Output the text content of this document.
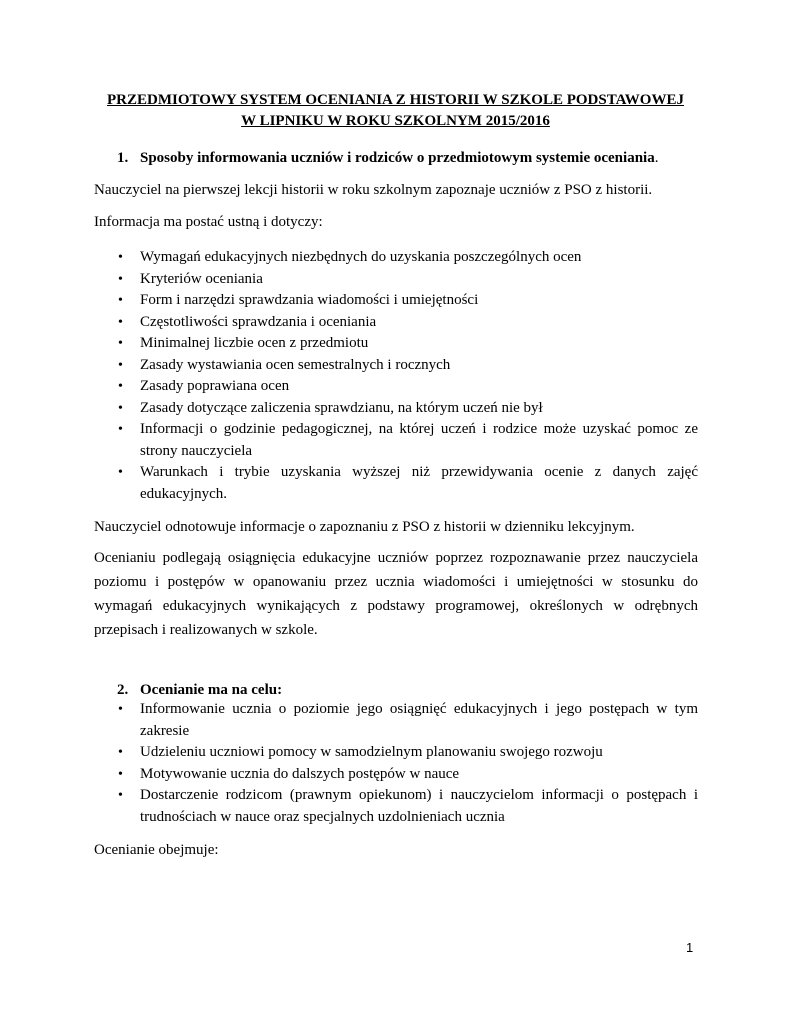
PRZEDMIOTOWY SYSTEM OCENIANIA Z HISTORII W SZKOLE PODSTAWOWEJ
W LIPNIKU W ROKU SZKOLNYM 2015/2016

1. Sposoby informowania uczniów i rodziców o przedmiotowym systemie oceniania.

Nauczyciel na pierwszej lekcji historii w roku szkolnym zapoznaje uczniów z PSO z historii.

Informacja ma postać ustną i dotyczy:

• Wymagań edukacyjnych niezbędnych do uzyskania poszczególnych ocen
• Kryteriów oceniania
• Form i narzędzi sprawdzania wiadomości i umiejętności
• Częstotliwości sprawdzania i oceniania
• Minimalnej liczbie ocen z przedmiotu
• Zasady wystawiania ocen semestralnych i rocznych
• Zasady poprawiana ocen
• Zasady dotyczące zaliczenia sprawdzianu, na którym uczeń nie był
• Informacji o godzinie pedagogicznej, na której uczeń i rodzice może uzyskać pomoc ze strony nauczyciela
• Warunkach i trybie uzyskania wyższej niż przewidywania ocenie z danych zajęć edukacyjnych.

Nauczyciel odnotowuje informacje o zapoznaniu z PSO z historii w dzienniku lekcyjnym.

Ocenianiu podlegają osiągnięcia edukacyjne uczniów poprzez rozpoznawanie przez nauczyciela poziomu i postępów w opanowaniu przez ucznia wiadomości i umiejętności w stosunku do wymagań edukacyjnych wynikających z podstawy programowej, określonych w odrębnych przepisach i realizowanych w szkole.

2. Ocenianie ma na celu:

• Informowanie ucznia o poziomie jego osiągnięć edukacyjnych i jego postępach w tym zakresie
• Udzieleniu uczniowi pomocy w samodzielnym planowaniu swojego rozwoju
• Motywowanie ucznia do dalszych postępów w nauce
• Dostarczenie rodzicom (prawnym opiekunom) i nauczycielom informacji o postępach i trudnościach w nauce oraz specjalnych uzdolnieniach ucznia

Ocenianie obejmuje:

1
